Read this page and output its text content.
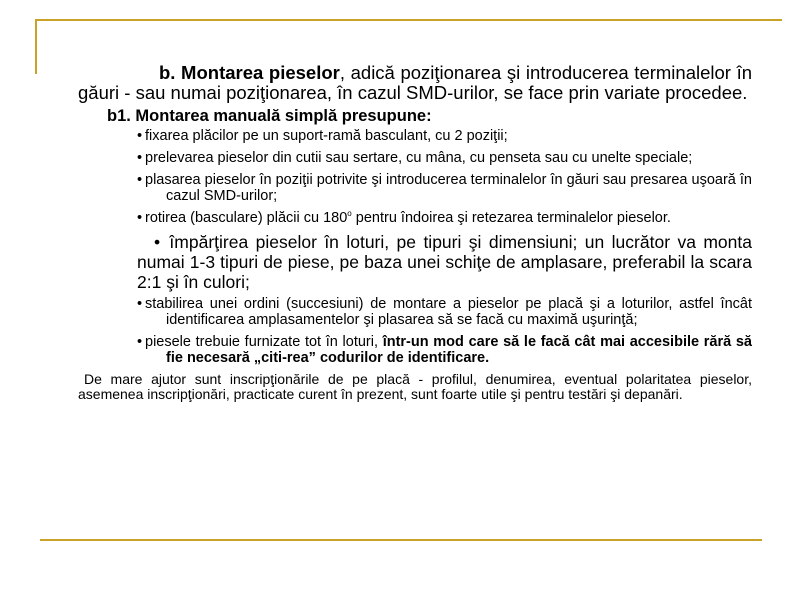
b. Montarea pieselor, adică poziţionarea şi introducerea terminalelor în găuri - sau numai poziţionarea, în cazul SMD-urilor, se face prin variate procedee.

b1. Montarea manuală simplă presupune:
• fixarea plăcilor pe un suport-ramă basculant, cu 2 poziţii;
• prelevarea pieselor din cutii sau sertare, cu mâna, cu penseta sau cu unelte speciale;
• plasarea pieselor în poziţii potrivite şi introducerea terminalelor în găuri sau presarea uşoară în cazul SMD-urilor;
• rotirea (basculare) plăcii cu 180$^o$ pentru îndoirea şi retezarea terminalelor pieselor.
• împărţirea pieselor în loturi, pe tipuri şi dimensiuni; un lucrător va monta numai 1-3 tipuri de piese, pe baza unei schiţe de amplasare, preferabil la scara 2:1 şi în culori;
• stabilirea unei ordini (succesiuni) de montare a pieselor pe placă şi a loturilor, astfel încât identificarea amplasamentelor şi plasarea să se facă cu maximă uşurinţă;
• piesele trebuie furnizate tot în loturi, într-un mod care să le facă cât mai accesibile rără să fie necesară „citi-rea” codurilor de identificare.

De mare ajutor sunt inscripţionările de pe placă - profilul, denumirea, eventual polaritatea pieselor, asemenea inscripţionări, practicate curent în prezent, sunt foarte utile şi pentru testări şi depanări.
